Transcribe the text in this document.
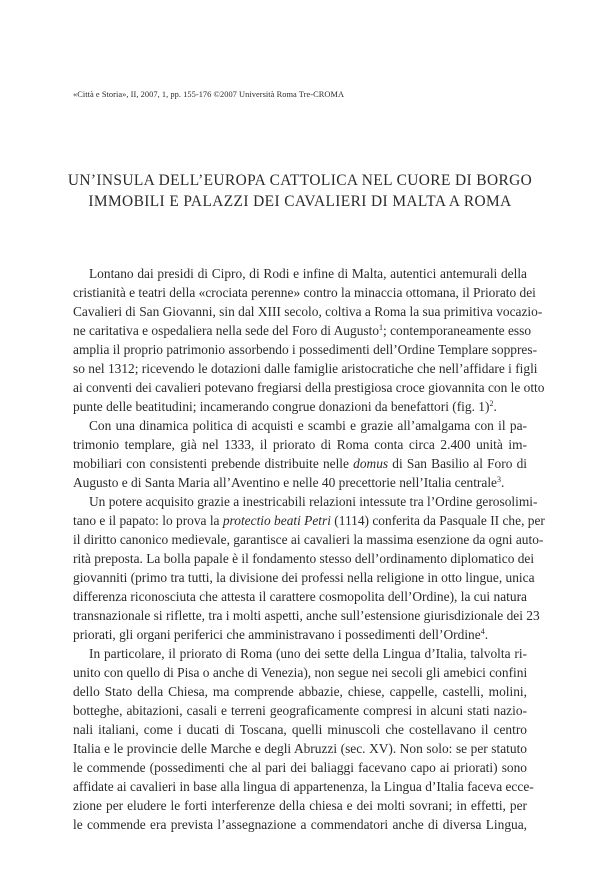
«Città e Storia», II, 2007, 1, pp. 155-176 ©2007 Università Roma Tre-CROMA
UN’INSULA DELL’EUROPA CATTOLICA NEL CUORE DI BORGO
IMMOBILI E PALAZZI DEI CAVALIERI DI MALTA A ROMA
Lontano dai presidi di Cipro, di Rodi e infine di Malta, autentici antemurali della
cristianità e teatri della «crociata perenne» contro la minaccia ottomana, il Priorato dei
Cavalieri di San Giovanni, sin dal XIII secolo, coltiva a Roma la sua primitiva vocazio-
ne caritativa e ospedaliera nella sede del Foro di Augusto$^1$; contemporaneamente esso
amplia il proprio patrimonio assorbendo i possedimenti dell’Ordine Templare soppres-
so nel 1312; ricevendo le dotazioni dalle famiglie aristocratiche che nell’affidare i figli
ai conventi dei cavalieri potevano fregiarsi della prestigiosa croce giovannita con le otto
punte delle beatitudini; incamerando congrue donazioni da benefattori (fig. 1)$^2$.
Con una dinamica politica di acquisti e scambi e grazie all’amalgama con il pa-
trimonio templare, già nel 1333, il priorato di Roma conta circa 2.400 unità im-
mobiliari con consistenti prebende distribuite nelle domus di San Basilio al Foro di
Augusto e di Santa Maria all’Aventino e nelle 40 precettorie nell’Italia centrale$^3$.
Un potere acquisito grazie a inestricabili relazioni intessute tra l’Ordine gerosolimi-
tano e il papato: lo prova la protectio beati Petri (1114) conferita da Pasquale II che, per
il diritto canonico medievale, garantisce ai cavalieri la massima esenzione da ogni auto-
rità preposta. La bolla papale è il fondamento stesso dell’ordinamento diplomatico dei
giovanniti (primo tra tutti, la divisione dei professi nella religione in otto lingue, unica
differenza riconosciuta che attesta il carattere cosmopolita dell’Ordine), la cui natura
transnazionale si riflette, tra i molti aspetti, anche sull’estensione giurisdizionale dei 23
priorati, gli organi periferici che amministravano i possedimenti dell’Ordine$^4$.
In particolare, il priorato di Roma (uno dei sette della Lingua d’Italia, talvolta ri-
unito con quello di Pisa o anche di Venezia), non segue nei secoli gli amebici confini
dello Stato della Chiesa, ma comprende abbazie, chiese, cappelle, castelli, molini,
botteghe, abitazioni, casali e terreni geograficamente compresi in alcuni stati nazio-
nali italiani, come i ducati di Toscana, quelli minuscoli che costellavano il centro
Italia e le provincie delle Marche e degli Abruzzi (sec. XV). Non solo: se per statuto
le commende (possedimenti che al pari dei baliaggi facevano capo ai priorati) sono
affidate ai cavalieri in base alla lingua di appartenenza, la Lingua d’Italia faceva ecce-
zione per eludere le forti interferenze della chiesa e dei molti sovrani; in effetti, per
le commende era prevista l’assegnazione a commendatori anche di diversa Lingua,
